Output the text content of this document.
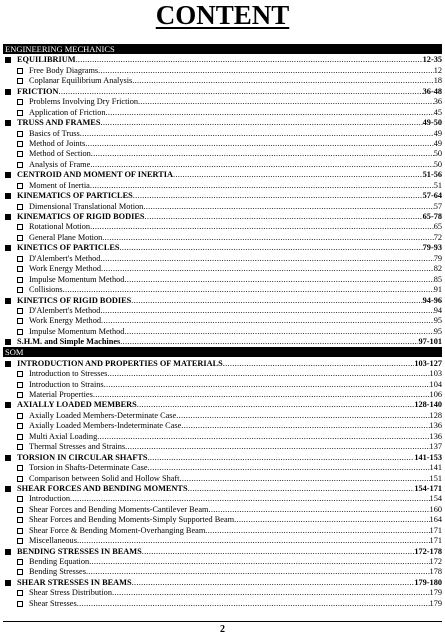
CONTENT
ENGINEERING MECHANICS
EQUILIBRIUM .....	12-35
Free Body Diagrams .....	12
Coplanar Equilibrium Analysis .....	18
FRICTION .....	36-48
Problems Involving Dry Friction .....	36
Application of Friction .....	45
TRUSS AND FRAMES .....	49-50
Basics of Truss .....	49
Method of Joints .....	49
Method of Section .....	50
Analysis of Frame .....	50
CENTROID AND MOMENT OF INERTIA .....	51-56
Moment of Inertia .....	51
KINEMATICS OF PARTICLES .....	57-64
Dimensional Translational Motion .....	57
KINEMATICS OF RIGID BODIES .....	65-78
Rotational Motion .....	65
General Plane Motion .....	72
KINETICS OF PARTICLES .....	79-93
D'Alembert's Method .....	79
Work Energy Method .....	82
Impulse Momentum Method .....	85
Collisions .....	91
KINETICS OF RIGID BODIES .....	94-96
D'Alembert's Method .....	94
Work Energy Method .....	95
Impulse Momentum Method .....	95
S.H.M. and Simple Machines .....	97-101
SOM
INTRODUCTION AND PROPERTIES OF MATERIALS .....	103-127
Introduction to Stresses .....	103
Introduction to Strains .....	104
Material Properties .....	106
AXIALLY LOADED MEMBERS .....	128-140
Axially Loaded Members-Determinate Case .....	128
Axially Loaded Members-Indeterminate Case .....	136
Multi Axial Loading .....	136
Thermal Stresses and Strains .....	137
TORSION IN CIRCULAR SHAFTS .....	141-153
Torsion in Shafts-Determinate Case .....	141
Comparison between Solid and Hollow Shaft .....	151
SHEAR FORCES AND BENDING MOMENTS .....	154-171
Introduction .....	154
Shear Forces and Bending Moments-Cantilever Beam .....	160
Shear Forces and Bending Moments-Simply Supported Beam .....	164
Shear Force & Bending Moment-Overhanging Beam .....	171
Miscellaneous .....	171
BENDING STRESSES IN BEAMS .....	172-178
Bending Equation .....	172
Bending Stresses .....	178
SHEAR STRESSES IN BEAMS .....	179-180
Shear Stress Distribution .....	179
Shear Stresses .....	179
2
